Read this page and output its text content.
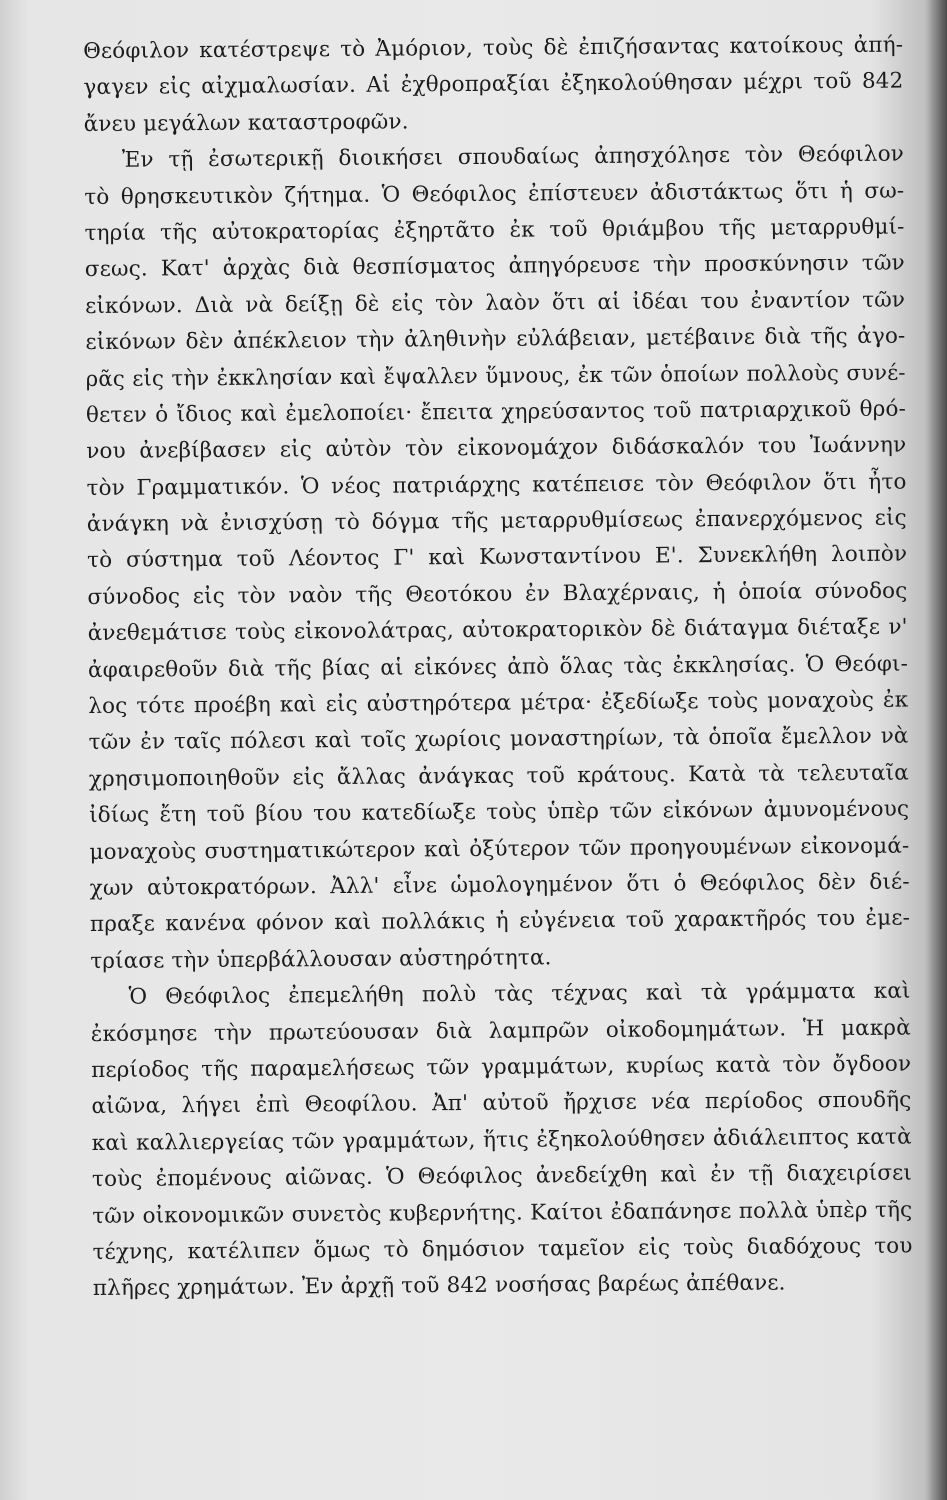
Θεόφιλον κατέστρεψε τὸ Ἀμόριον, τοὺς δὲ ἐπιζήσαντας κατοίκους ἀπή-
γαγεν εἰς αἰχμαλωσίαν. Αἱ ἐχθροπραξίαι ἐξηκολούθησαν μέχρι τοῦ 842
ἄνευ μεγάλων καταστροφῶν.
Ἐν τῇ ἐσωτερικῇ διοικήσει σπουδαίως ἀπησχόλησε τὸν Θεόφιλον
τὸ θρησκευτικὸν ζήτημα. Ὁ Θεόφιλος ἐπίστευεν ἀδιστάκτως ὅτι ἡ σω-
τηρία τῆς αὐτοκρατορίας ἐξηρτᾶτο ἐκ τοῦ θριάμβου τῆς μεταρρυθμί-
σεως. Κατ' ἀρχὰς διὰ θεσπίσματος ἀπηγόρευσε τὴν προσκύνησιν τῶν
εἰκόνων. Διὰ νὰ δείξῃ δὲ εἰς τὸν λαὸν ὅτι αἱ ἰδέαι του ἐναντίον τῶν
εἰκόνων δὲν ἀπέκλειον τὴν ἀληθινὴν εὐλάβειαν, μετέβαινε διὰ τῆς ἀγο-
ρᾶς εἰς τὴν ἐκκλησίαν καὶ ἔψαλλεν ὕμνους, ἐκ τῶν ὁποίων πολλοὺς συνέ-
θετεν ὁ ἴδιος καὶ ἐμελοποίει· ἔπειτα χηρεύσαντος τοῦ πατριαρχικοῦ θρό-
νου ἀνεβίβασεν εἰς αὐτὸν τὸν εἰκονομάχον διδάσκαλόν του Ἰωάννην
τὸν Γραμματικόν. Ὁ νέος πατριάρχης κατέπεισε τὸν Θεόφιλον ὅτι ἦτο
ἀνάγκη νὰ ἐνισχύσῃ τὸ δόγμα τῆς μεταρρυθμίσεως ἐπανερχόμενος εἰς
τὸ σύστημα τοῦ Λέοντος Γ' καὶ Κωνσταντίνου Ε'. Συνεκλήθη λοιπὸν
σύνοδος εἰς τὸν ναὸν τῆς Θεοτόκου ἐν Βλαχέρναις, ἡ ὁποία σύνοδος
ἀνεθεμάτισε τοὺς εἰκονολάτρας, αὐτοκρατορικὸν δὲ διάταγμα διέταξε ν'
ἀφαιρεθοῦν διὰ τῆς βίας αἱ εἰκόνες ἀπὸ ὅλας τὰς ἐκκλησίας. Ὁ Θεόφι-
λος τότε προέβη καὶ εἰς αὐστηρότερα μέτρα· ἐξεδίωξε τοὺς μοναχοὺς ἐκ
τῶν ἐν ταῖς πόλεσι καὶ τοῖς χωρίοις μοναστηρίων, τὰ ὁποῖα ἔμελλον νὰ
χρησιμοποιηθοῦν εἰς ἄλλας ἀνάγκας τοῦ κράτους. Κατὰ τὰ τελευταῖα
ἰδίως ἔτη τοῦ βίου του κατεδίωξε τοὺς ὑπὲρ τῶν εἰκόνων ἀμυνομένους
μοναχοὺς συστηματικώτερον καὶ ὀξύτερον τῶν προηγουμένων εἰκονομά-
χων αὐτοκρατόρων. Ἀλλ' εἶνε ὡμολογημένον ὅτι ὁ Θεόφιλος δὲν διέ-
πραξε κανένα φόνον καὶ πολλάκις ἡ εὐγένεια τοῦ χαρακτῆρός του ἐμε-
τρίασε τὴν ὑπερβάλλουσαν αὐστηρότητα.
Ὁ Θεόφιλος ἐπεμελήθη πολὺ τὰς τέχνας καὶ τὰ γράμματα καὶ
ἐκόσμησε τὴν πρωτεύουσαν διὰ λαμπρῶν οἰκοδομημάτων. Ἡ μακρὰ
περίοδος τῆς παραμελήσεως τῶν γραμμάτων, κυρίως κατὰ τὸν ὄγδοον
αἰῶνα, λήγει ἐπὶ Θεοφίλου. Ἀπ' αὐτοῦ ἤρχισε νέα περίοδος σπουδῆς
καὶ καλλιεργείας τῶν γραμμάτων, ἥτις ἐξηκολούθησεν ἀδιάλειπτος κατὰ
τοὺς ἐπομένους αἰῶνας. Ὁ Θεόφιλος ἀνεδείχθη καὶ ἐν τῇ διαχειρίσει
τῶν οἰκονομικῶν συνετὸς κυβερνήτης. Καίτοι ἐδαπάνησε πολλὰ ὑπὲρ τῆς
τέχνης, κατέλιπεν ὅμως τὸ δημόσιον ταμεῖον εἰς τοὺς διαδόχους του
πλῆρες χρημάτων. Ἐν ἀρχῇ τοῦ 842 νοσήσας βαρέως ἀπέθανε.
